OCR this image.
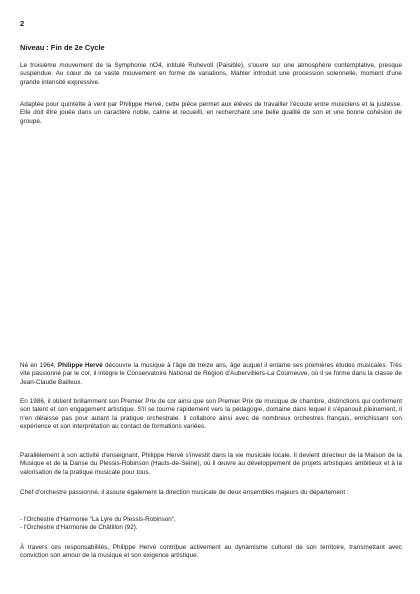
2
Niveau : Fin de 2e Cycle

Le troisième mouvement de la Symphonie nO4, intitulé Ruhevoll (Paisible), s'ouvre sur une atmosphère contemplative, presque suspendue. Au cœur de ce vaste mouvement en forme de variations, Mahler introduit une procession solennelle, moment d'une grande intensité expressive.

Adaptée pour quintette à vent par Philippe Hervé, cette pièce permet aux élèves de travailler l'écoute entre musiciens et la justesse. Elle doit être jouée dans un caractère noble, calme et recueilli, en recherchant une belle qualité de son et une bonne cohésion de groupe.

Né en 1964, Philippe Hervé découvre la musique à l'âge de treize ans, âge auquel il entame ses premières études musicales. Très vite passionné par le cor, il intègre le Conservatoire National de Région d'Aubervilliers-La Courneuve, où il se forme dans la classe de Jean-Claude Bailleux.

En 1986, il obtient brillamment son Premier Prix de cor ainsi que son Premier Prix de musique de chambre, distinctions qui confirment son talent et son engagement artistique. S'il se tourne rapidement vers la pédagogie, domaine dans lequel il s'épanouit pleinement, il n'en délaisse pas pour autant la pratique orchestrale. Il collabore ainsi avec de nombreux orchestres français, enrichissant son expérience et son interprétation au contact de formations variées.

Parallèlement à son activité d'enseignant, Philippe Hervé s'investit dans la vie musicale locale. Il devient directeur de la Maison de la Musique et de la Danse du Plessis-Robinson (Hauts-de-Seine), où il œuvre au développement de projets artistiques ambitieux et à la valorisation de la pratique musicale pour tous.

Chef d'orchestre passionné, il assure également la direction musicale de deux ensembles majeurs du département :

- l'Orchestre d'Harmonie "La Lyre du Plessis-Robinson",
- l'Orchestre d'Harmonie de Châtillon (92).

À travers ces responsabilités, Philippe Hervé contribue activement au dynamisme culturel de son territoire, transmettant avec conviction son amour de la musique et son exigence artistique.
